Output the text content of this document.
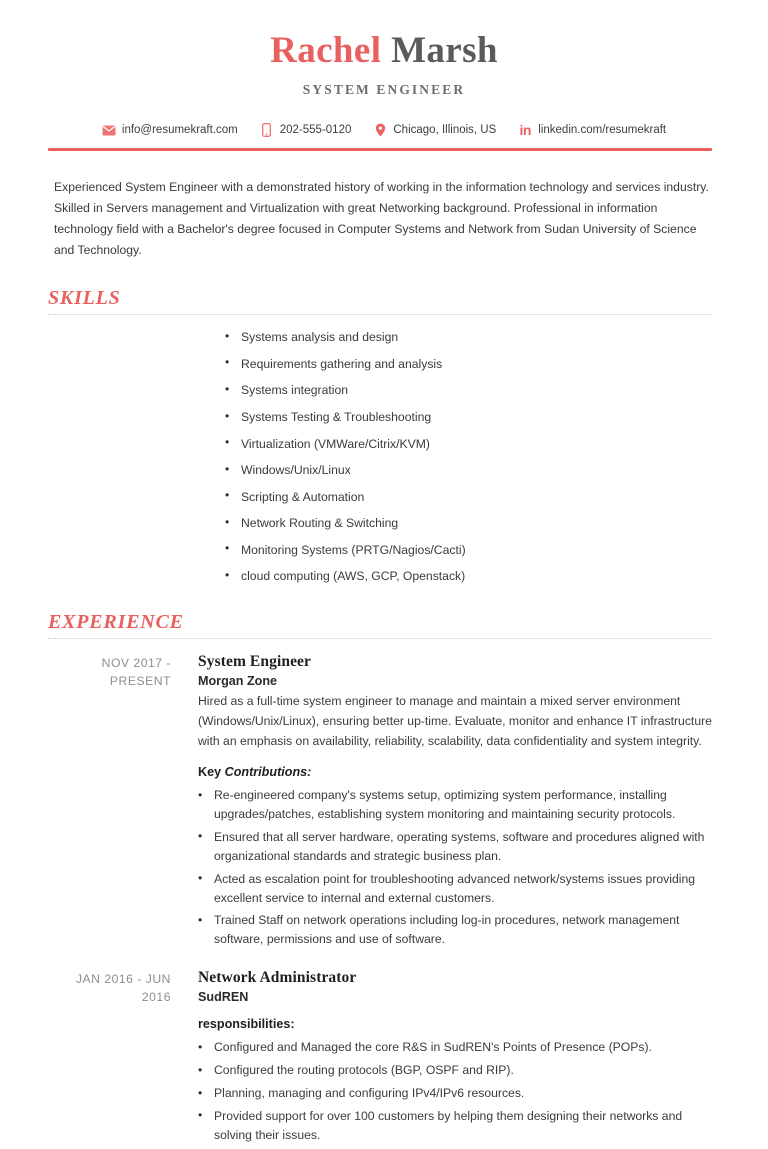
Rachel Marsh
SYSTEM ENGINEER
info@resumekraft.com	202-555-0120	Chicago, Illinois, US in linkedin.com/resumekraft
Experienced System Engineer with a demonstrated history of working in the information technology and services industry. Skilled in Servers management and Virtualization with great Networking background. Professional in information technology field with a Bachelor's degree focused in Computer Systems and Network from Sudan University of Science and Technology.
SKILLS
• Systems analysis and design
• Requirements gathering and analysis
• Systems integration
• Systems Testing & Troubleshooting
• Virtualization (VMWare/Citrix/KVM)
• Windows/Unix/Linux
• Scripting & Automation
• Network Routing & Switching
• Monitoring Systems (PRTG/Nagios/Cacti)
• cloud computing (AWS, GCP, Openstack)
EXPERIENCE
NOV 2017 - PRESENT
System Engineer
Morgan Zone
Hired as a full-time system engineer to manage and maintain a mixed server environment (Windows/Unix/Linux), ensuring better up-time. Evaluate, monitor and enhance IT infrastructure with an emphasis on availability, reliability, scalability, data confidentiality and system integrity.
Key Contributions:
• Re-engineered company's systems setup, optimizing system performance, installing upgrades/patches, establishing system monitoring and maintaining security protocols.
• Ensured that all server hardware, operating systems, software and procedures aligned with organizational standards and strategic business plan.
• Acted as escalation point for troubleshooting advanced network/systems issues providing excellent service to internal and external customers.
• Trained Staff on network operations including log-in procedures, network management software, permissions and use of software.
JAN 2016 - JUN 2016
Network Administrator
SudREN
responsibilities:
• Configured and Managed the core R&S in SudREN's Points of Presence (POPs).
• Configured the routing protocols (BGP, OSPF and RIP).
• Planning, managing and configuring IPv4/IPv6 resources.
• Provided support for over 100 customers by helping them designing their networks and solving their issues.
